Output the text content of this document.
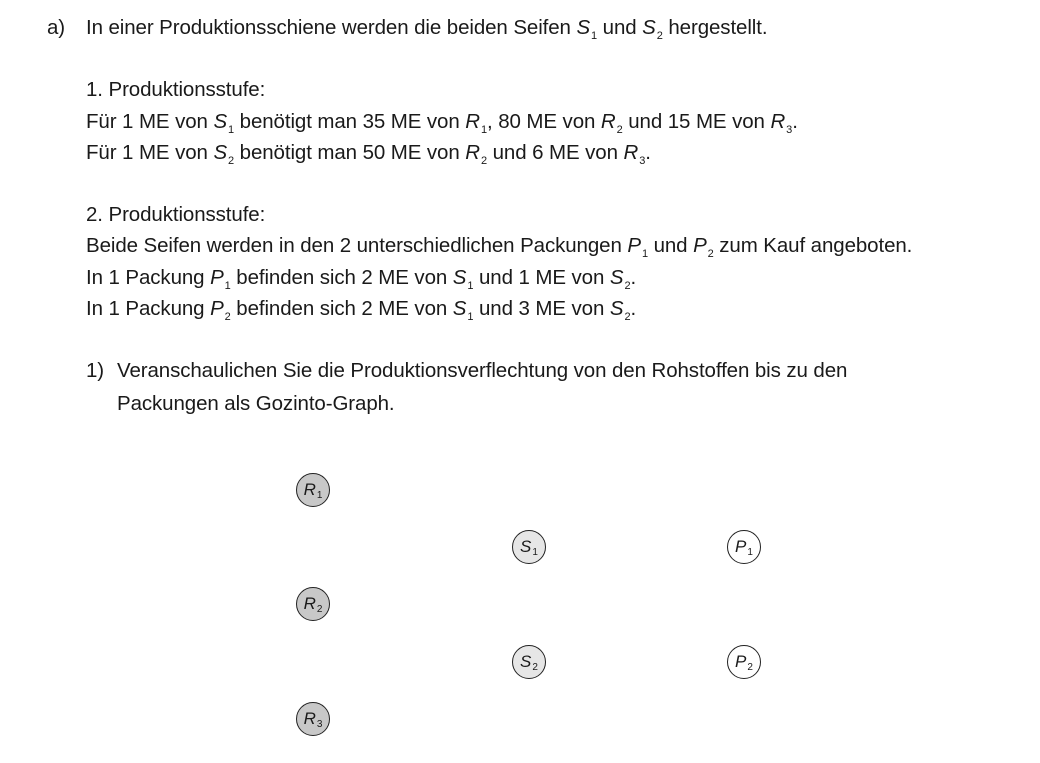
a) In einer Produktionsschiene werden die beiden Seifen $S_1$ und $S_2$ hergestellt.
1. Produktionsstufe:
Für 1 ME von $S_1$ benötigt man 35 ME von $R_1$, 80 ME von $R_2$ und 15 ME von $R_3$.
Für 1 ME von $S_2$ benötigt man 50 ME von $R_2$ und 6 ME von $R_3$.
2. Produktionsstufe:
Beide Seifen werden in den 2 unterschiedlichen Packungen $P_1$ und $P_2$ zum Kauf angeboten.
In 1 Packung $P_1$ befinden sich 2 ME von $S_1$ und 1 ME von $S_2$.
In 1 Packung $P_2$ befinden sich 2 ME von $S_1$ und 3 ME von $S_2$.
1) Veranschaulichen Sie die Produktionsverflechtung von den Rohstoffen bis zu den
Packungen als Gozinto-Graph.
R 1
R 2
R 3
S 1
S 2
P 1
P 2
